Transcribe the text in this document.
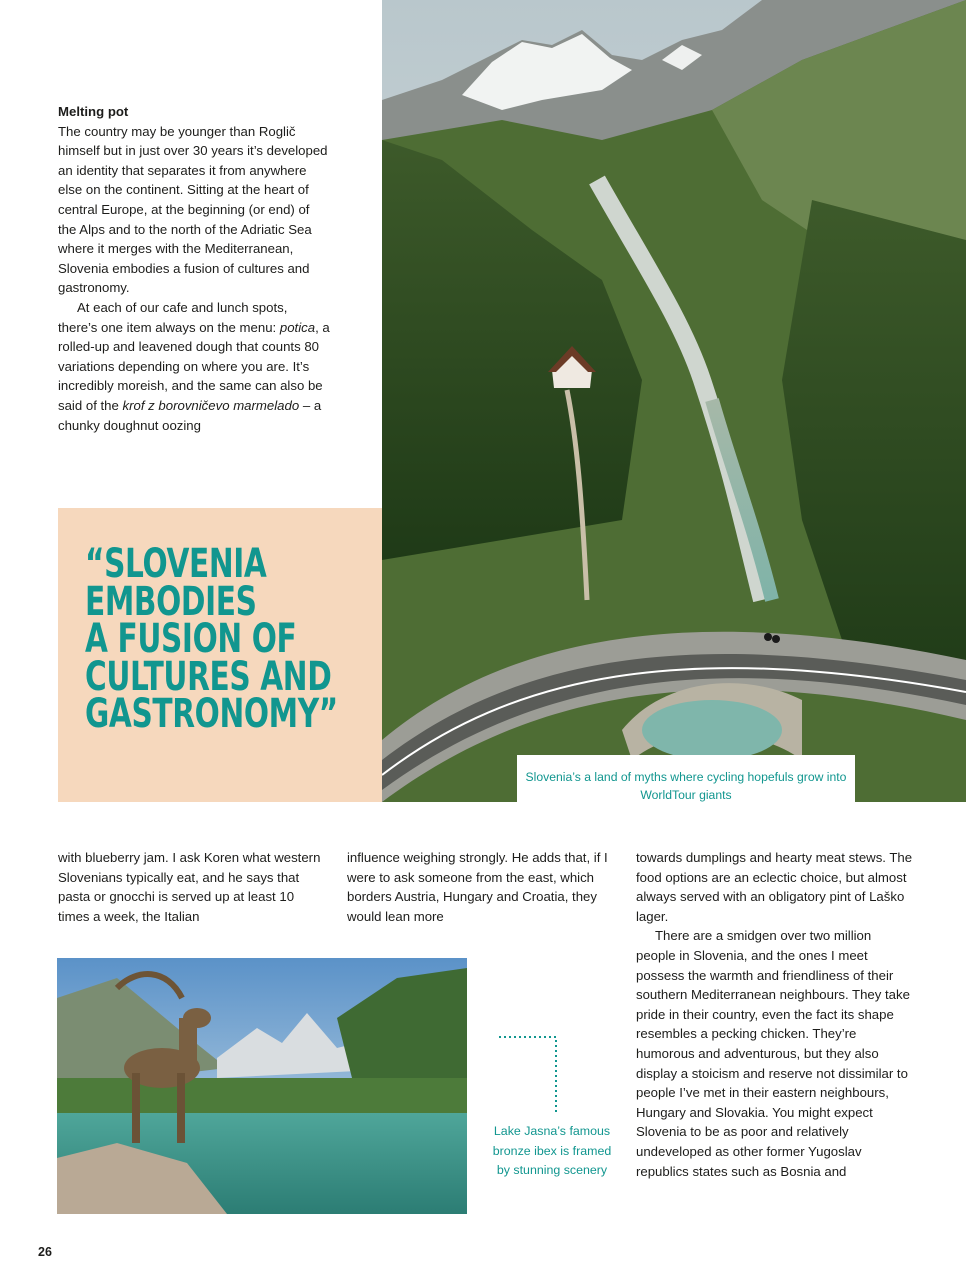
Melting pot

The country may be younger than Roglič himself but in just over 30 years it’s developed an identity that separates it from anywhere else on the continent. Sitting at the heart of central Europe, at the beginning (or end) of the Alps and to the north of the Adriatic Sea where it merges with the Mediterranean, Slovenia embodies a fusion of cultures and gastronomy.

At each of our cafe and lunch spots, there’s one item always on the menu: potica, a rolled-up and leavened dough that counts 80 variations depending on where you are. It’s incredibly moreish, and the same can also be said of the krof z borovničevo marmelado – a chunky doughnut oozing

“SLOVENIA
EMBODIES
A FUSION OF
CULTURES AND
GASTRONOMY”

Slovenia’s a land of myths where cycling hopefuls grow into WorldTour giants

with blueberry jam. I ask Koren what western Slovenians typically eat, and he says that pasta or gnocchi is served up at least 10 times a week, the Italian

influence weighing strongly. He adds that, if I were to ask someone from the east, which borders Austria, Hungary and Croatia, they would lean more

towards dumplings and hearty meat stews. The food options are an eclectic choice, but almost always served with an obligatory pint of Laško lager.

There are a smidgen over two million people in Slovenia, and the ones I meet possess the warmth and friendliness of their southern Mediterranean neighbours. They take pride in their country, even the fact its shape resembles a pecking chicken. They’re humorous and adventurous, but they also display a stoicism and reserve not dissimilar to people I’ve met in their eastern neighbours, Hungary and Slovakia. You might expect Slovenia to be as poor and relatively undeveloped as other former Yugoslav republics states such as Bosnia and

Lake Jasna’s famous bronze ibex is framed by stunning scenery
26
